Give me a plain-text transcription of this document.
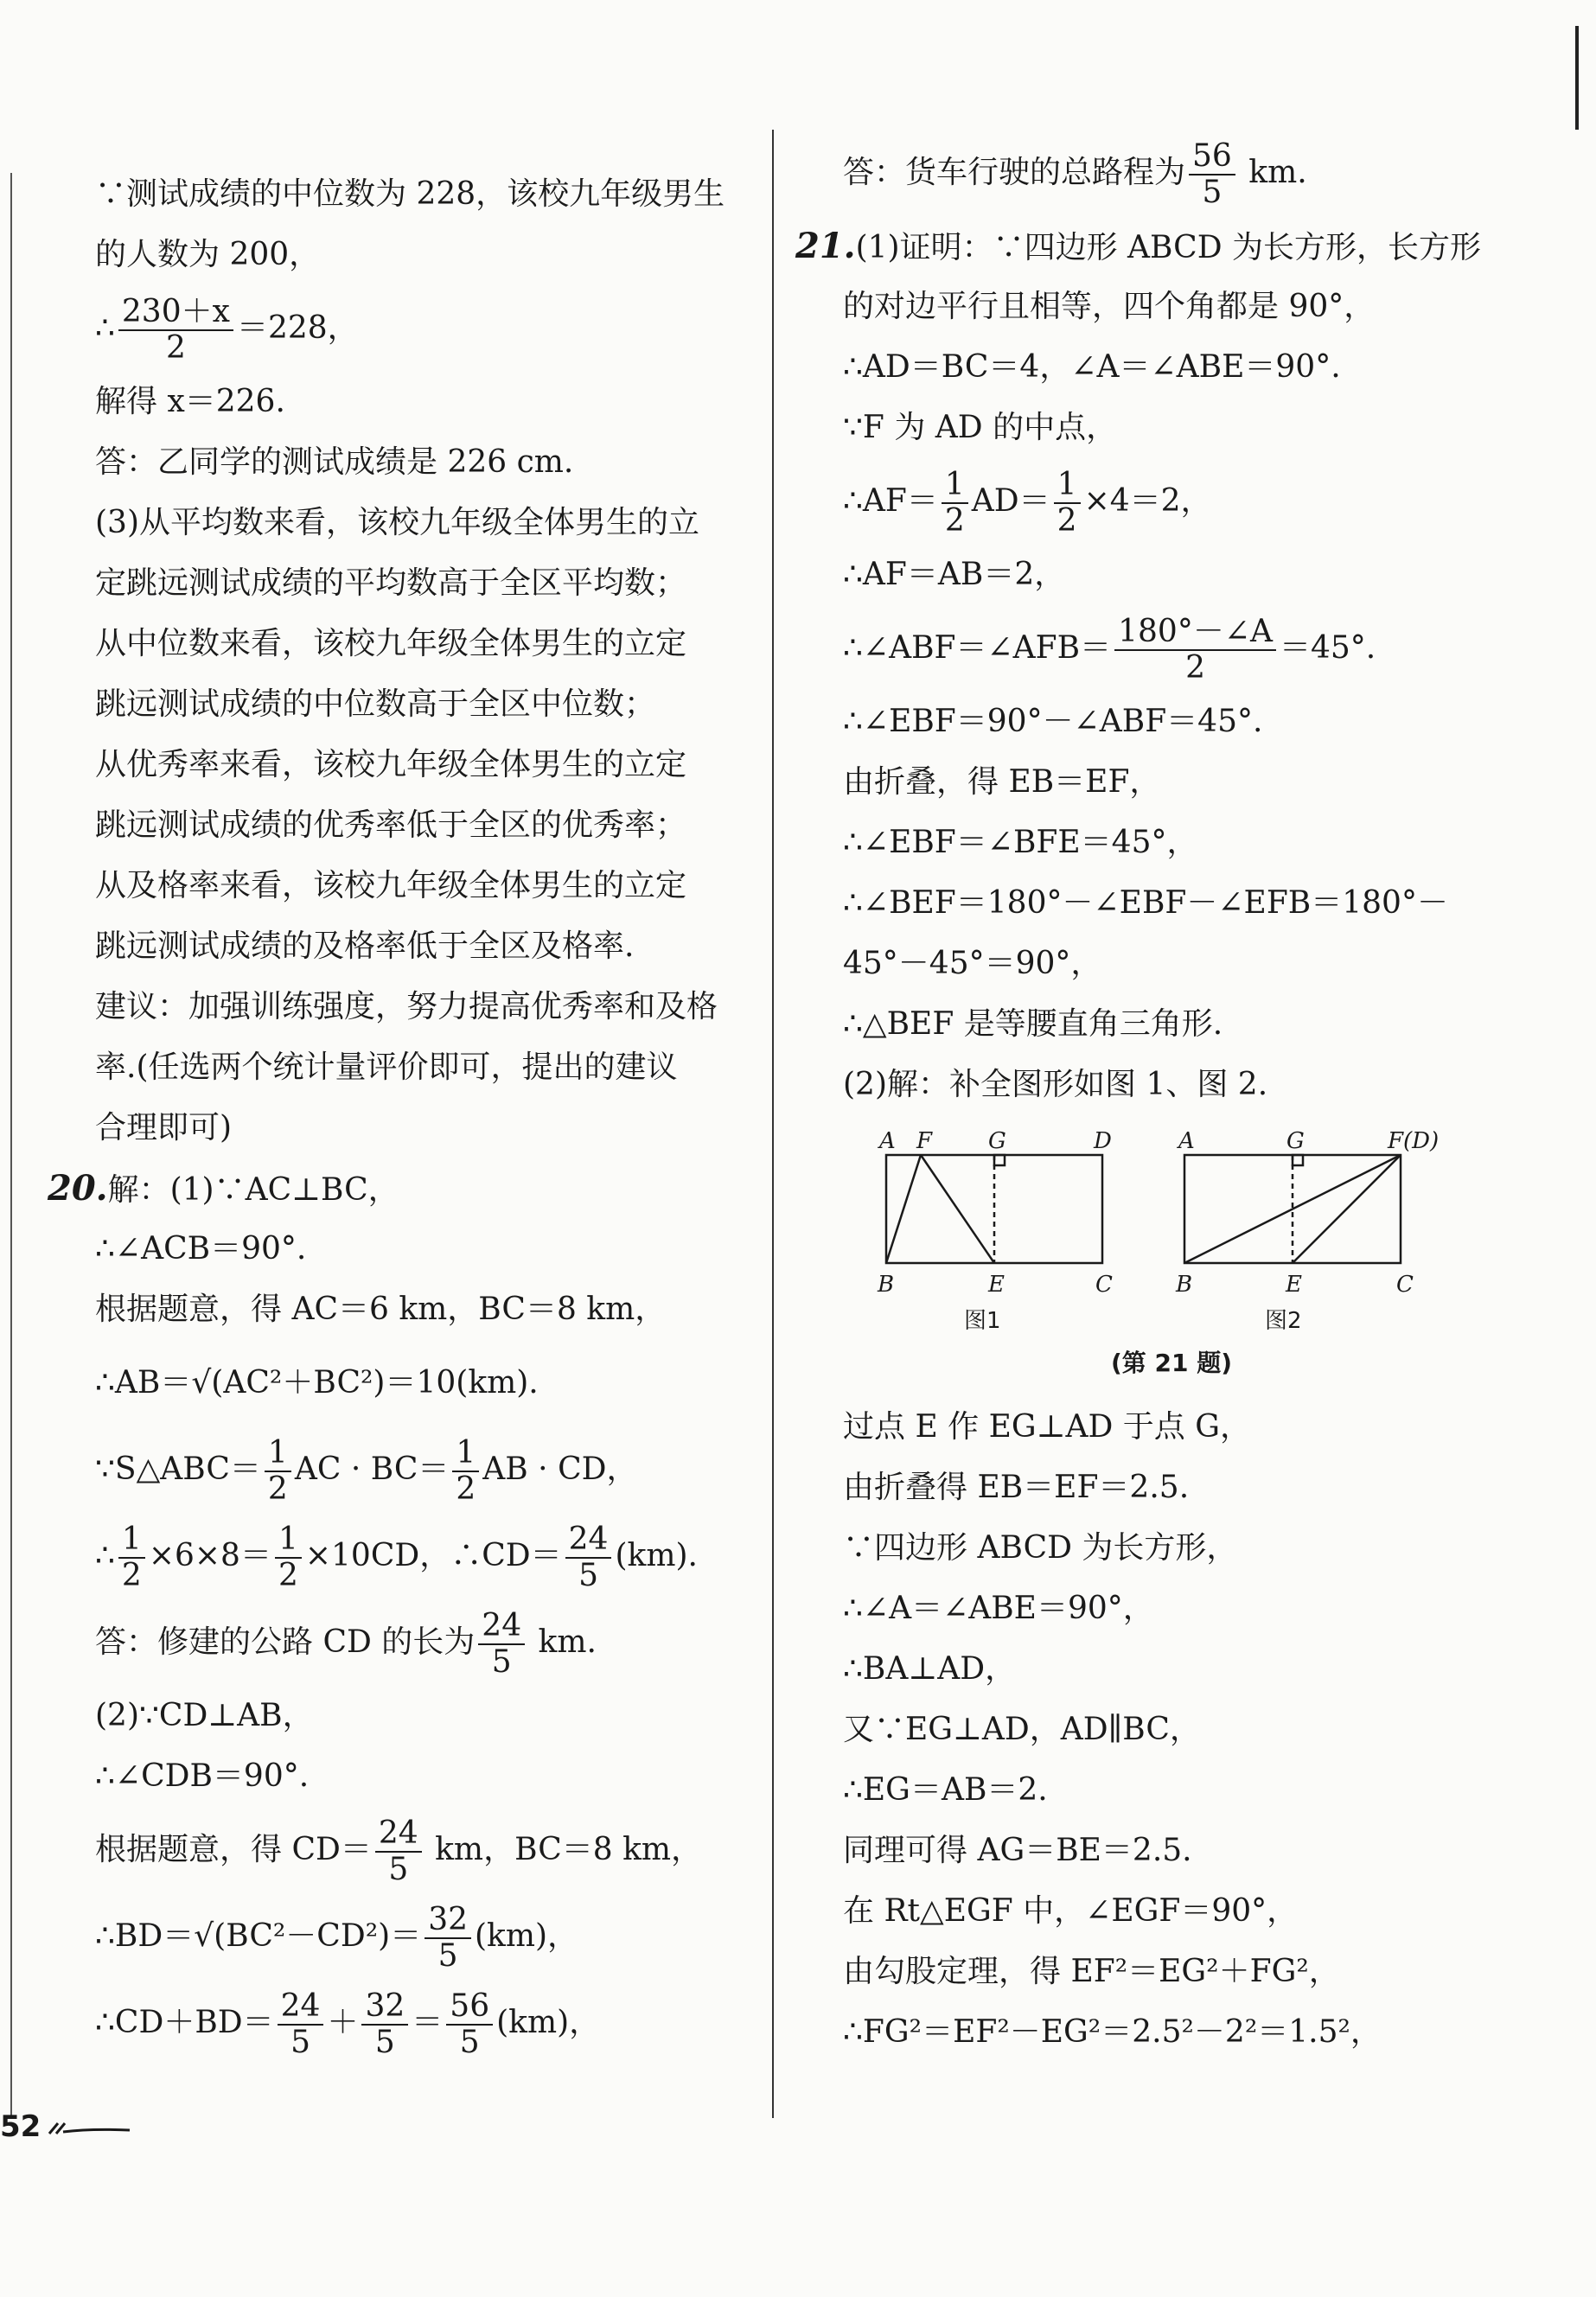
∵测试成绩的中位数为 228，该校九年级男生
的人数为 200，
∴ $\frac{230+x}{2} =228$，
解得 x＝226.
答：乙同学的测试成绩是 226 cm.
(3)从平均数来看，该校九年级全体男生的立
定跳远测试成绩的平均数高于全区平均数；
从中位数来看，该校九年级全体男生的立定
跳远测试成绩的中位数高于全区中位数；
从优秀率来看，该校九年级全体男生的立定
跳远测试成绩的优秀率低于全区的优秀率；
从及格率来看，该校九年级全体男生的立定
跳远测试成绩的及格率低于全区及格率.
建议：加强训练强度，努力提高优秀率和及格
率.(任选两个统计量评价即可，提出的建议
合理即可)
20.解：(1)∵AC⊥BC，
∴∠ACB＝90°.
根据题意，得 AC＝6 km，BC＝8 km，
∴AB＝√(AC²＋BC²)＝10(km).
∵S△ABC＝ $\frac{1}{2}$ AC · $BC= \frac{1}{2}$ AB · CD，
∴ $\frac{1}{2} \times 6\times 8= \frac{1}{2} \times 10CD$，∴CD＝ $\frac{24}{5} (km)$.
答：修建的公路 CD 的长为 $\frac{24}{5}$ km.
(2)∵CD⊥AB，
∴∠CDB＝90°.
根据题意，得 $CD= \frac{24}{5}$ km，BC＝8 km，
∴BD＝√(BC²－CD²)＝ $\frac{32}{5} (km)$，
∴CD＋BD＝ $\frac{24}{5} + \frac{32}{5} = \frac{56}{5} (km)$，
答：货车行驶的总路程为 $\frac{56}{5}$ km.
21.(1)证明：∵四边形 ABCD 为长方形，长方形
的对边平行且相等，四个角都是 90°，
∴AD＝BC＝4，∠A＝∠ABE＝90°.
∵F 为 AD 的中点，
∴AF＝ $\frac{1}{2} AD= \frac{1}{2} \times 4=2$，
∴AF＝AB＝2，
∴∠ABF＝∠AFB＝ $\frac{180^\circ-\angle A}{2} =45^\circ$.
∴∠EBF＝90°－∠ABF＝45°.
由折叠，得 EB＝EF，
∴∠EBF＝∠BFE＝45°，
∴∠BEF＝180°－∠EBF－∠EFB＝180°－
45°－45°＝90°，
∴△BEF 是等腰直角三角形.
(2)解：补全图形如图 1、图 2.
A F G	D
B	E	C
图1
A	G	F(D)
B	E	C
图2
(第 21 题)
过点 E 作 EG⊥AD 于点 G，
由折叠得 EB＝EF＝2.5.
∵四边形 ABCD 为长方形，
∴∠A＝∠ABE＝90°，
∴BA⊥AD，
又∵EG⊥AD，AD∥BC，
∴EG＝AB＝2.
同理可得 AG＝BE＝2.5.
在 Rt△EGF 中，∠EGF＝90°，
由勾股定理，得 EF²＝EG²＋FG²，
∴FG²＝EF²－EG²＝2.5²－2²＝1.5²，
52
